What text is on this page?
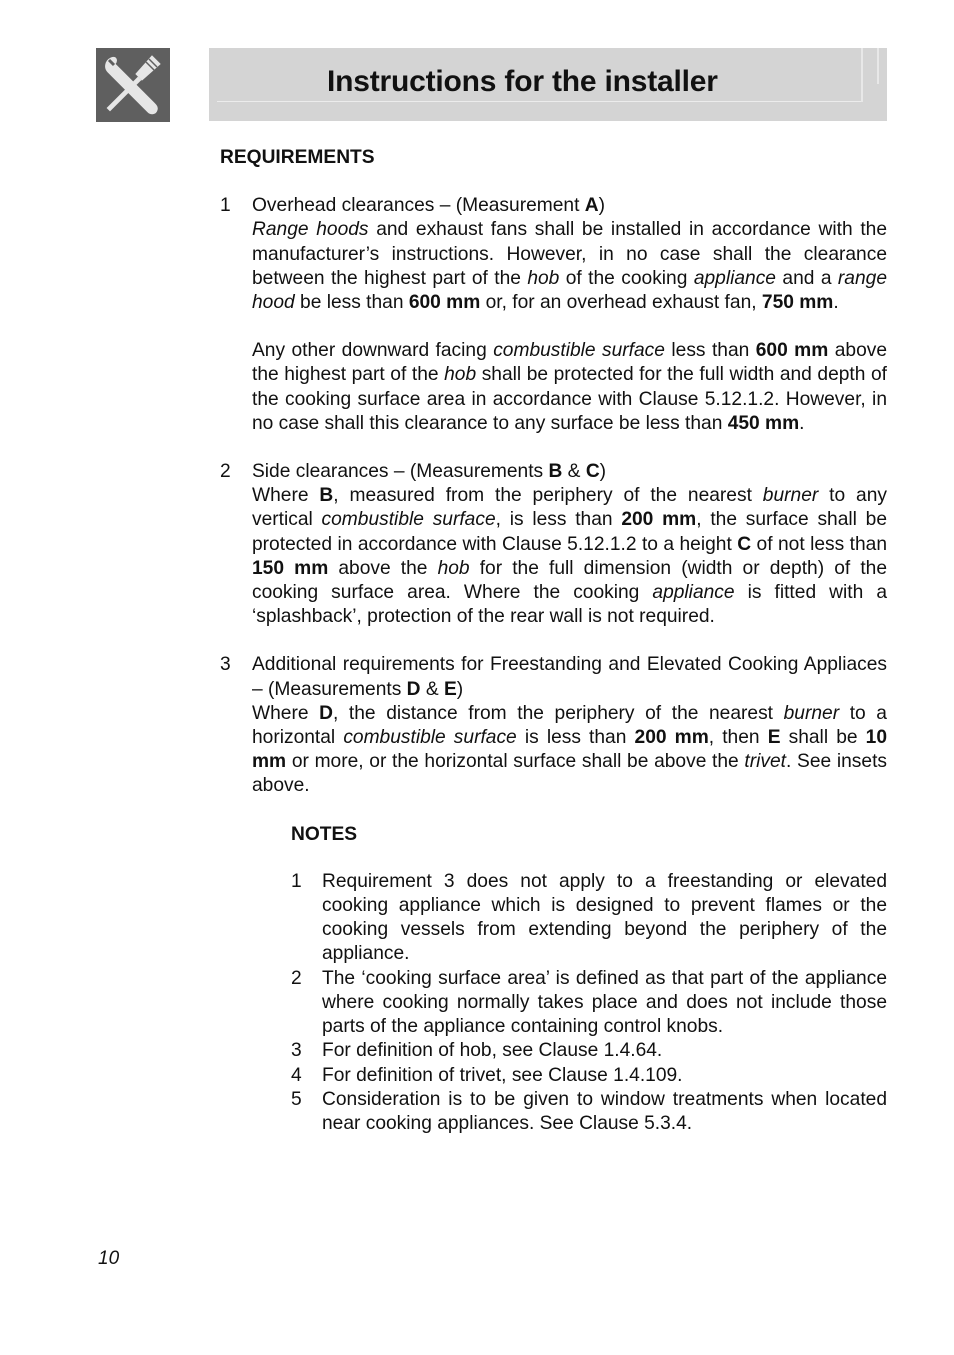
Instructions for the installer

REQUIREMENTS

1	Overhead clearances – (Measurement A)

Range hoods and exhaust fans shall be installed in accordance with the manufacturer’s instructions. However, in no case shall the clearance between the highest part of the hob of the cooking appliance and a range hood be less than 600 mm or, for an overhead exhaust fan, 750 mm.

Any other downward facing combustible surface less than 600 mm above the highest part of the hob shall be protected for the full width and depth of the cooking surface area in accordance with Clause 5.12.1.2. However, in no case shall this clearance to any surface be less than 450 mm.

2	Side clearances – (Measurements B & C)

Where B, measured from the periphery of the nearest burner to any vertical combustible surface, is less than 200 mm, the surface shall be protected in accordance with Clause 5.12.1.2 to a height C of not less than 150 mm above the hob for the full dimension (width or depth) of the cooking surface area. Where the cooking appliance is fitted with a ‘splashback’, protection of the rear wall is not required.

3	Additional requirements for Freestanding and Elevated Cooking Appliaces – (Measurements D & E)

Where D, the distance from the periphery of the nearest burner to a horizontal combustible surface is less than 200 mm, then E shall be 10 mm or more, or the horizontal surface shall be above the trivet. See insets above.

NOTES

1	Requirement 3 does not apply to a freestanding or elevated cooking appliance which is designed to prevent flames or the cooking vessels from extending beyond the periphery of the appliance.
2	The ‘cooking surface area’ is defined as that part of the appliance where cooking normally takes place and does not include those parts of the appliance containing control knobs.
3	For definition of hob, see Clause 1.4.64.
4	For definition of trivet, see Clause 1.4.109.
5	Consideration is to be given to window treatments when located near cooking appliances. See Clause 5.3.4.
10
